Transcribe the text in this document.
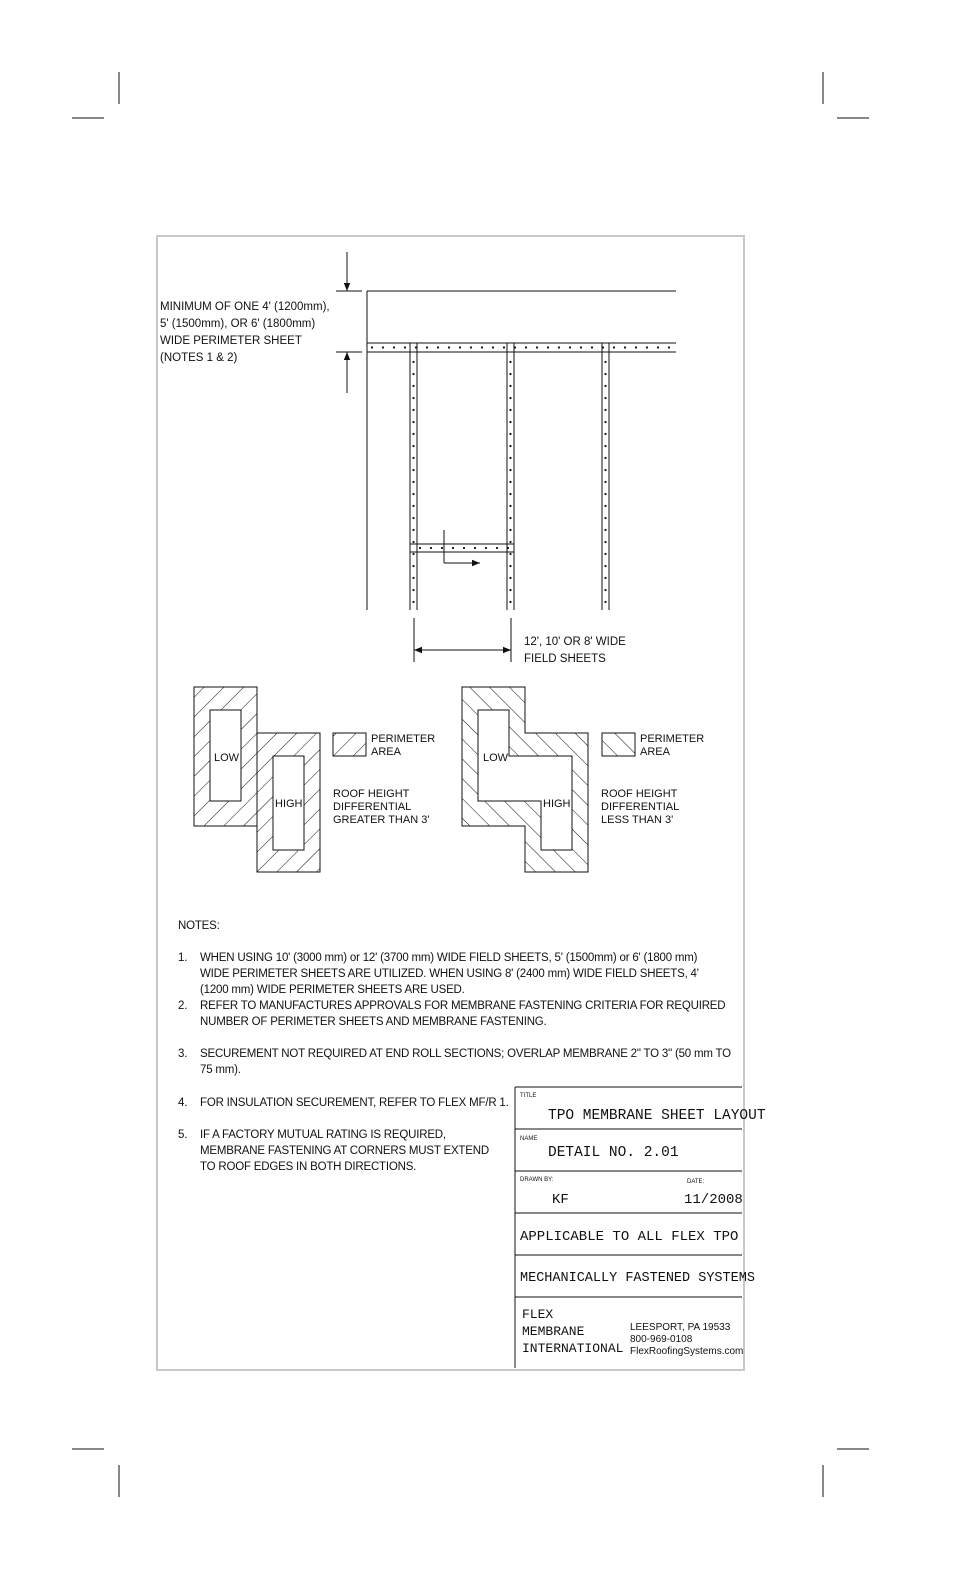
MINIMUM OF ONE 4' (1200mm),
5' (1500mm), OR 6' (1800mm)
WIDE PERIMETER SHEET
(NOTES 1 & 2)
12', 10' OR 8' WIDE
FIELD SHEETS
LOW
HIGH
PERIMETER
AREA
ROOF HEIGHT
DIFFERENTIAL
GREATER THAN 3'
LOW
HIGH
PERIMETER
AREA
ROOF HEIGHT
DIFFERENTIAL
LESS THAN 3'
TITLE
TPO MEMBRANE SHEET LAYOUT
NAME
DETAIL NO. 2.01
DRAWN BY:	DATE:
KF	11/2008
APPLICABLE TO ALL FLEX TPO
MECHANICALLY FASTENED SYSTEMS
FLEX
MEMBRANE
INTERNATIONAL
LEESPORT, PA 19533
800-969-0108
FlexRoofingSystems.com

NOTES:

1. WHEN USING 10' (3000 mm) or 12' (3700 mm) WIDE FIELD SHEETS, 5' (1500mm) or 6' (1800 mm) WIDE PERIMETER SHEETS ARE UTILIZED. WHEN USING 8' (2400 mm) WIDE FIELD SHEETS, 4' (1200 mm) WIDE PERIMETER SHEETS ARE USED.

2. REFER TO MANUFACTURES APPROVALS FOR MEMBRANE FASTENING CRITERIA FOR REQUIRED NUMBER OF PERIMETER SHEETS AND MEMBRANE FASTENING.

3. SECUREMENT NOT REQUIRED AT END ROLL SECTIONS; OVERLAP MEMBRANE 2" TO 3" (50 mm TO 75 mm).

4. FOR INSULATION SECUREMENT, REFER TO FLEX MF/R 1.

5. IF A FACTORY MUTUAL RATING IS REQUIRED, MEMBRANE FASTENING AT CORNERS MUST EXTEND TO ROOF EDGES IN BOTH DIRECTIONS.
